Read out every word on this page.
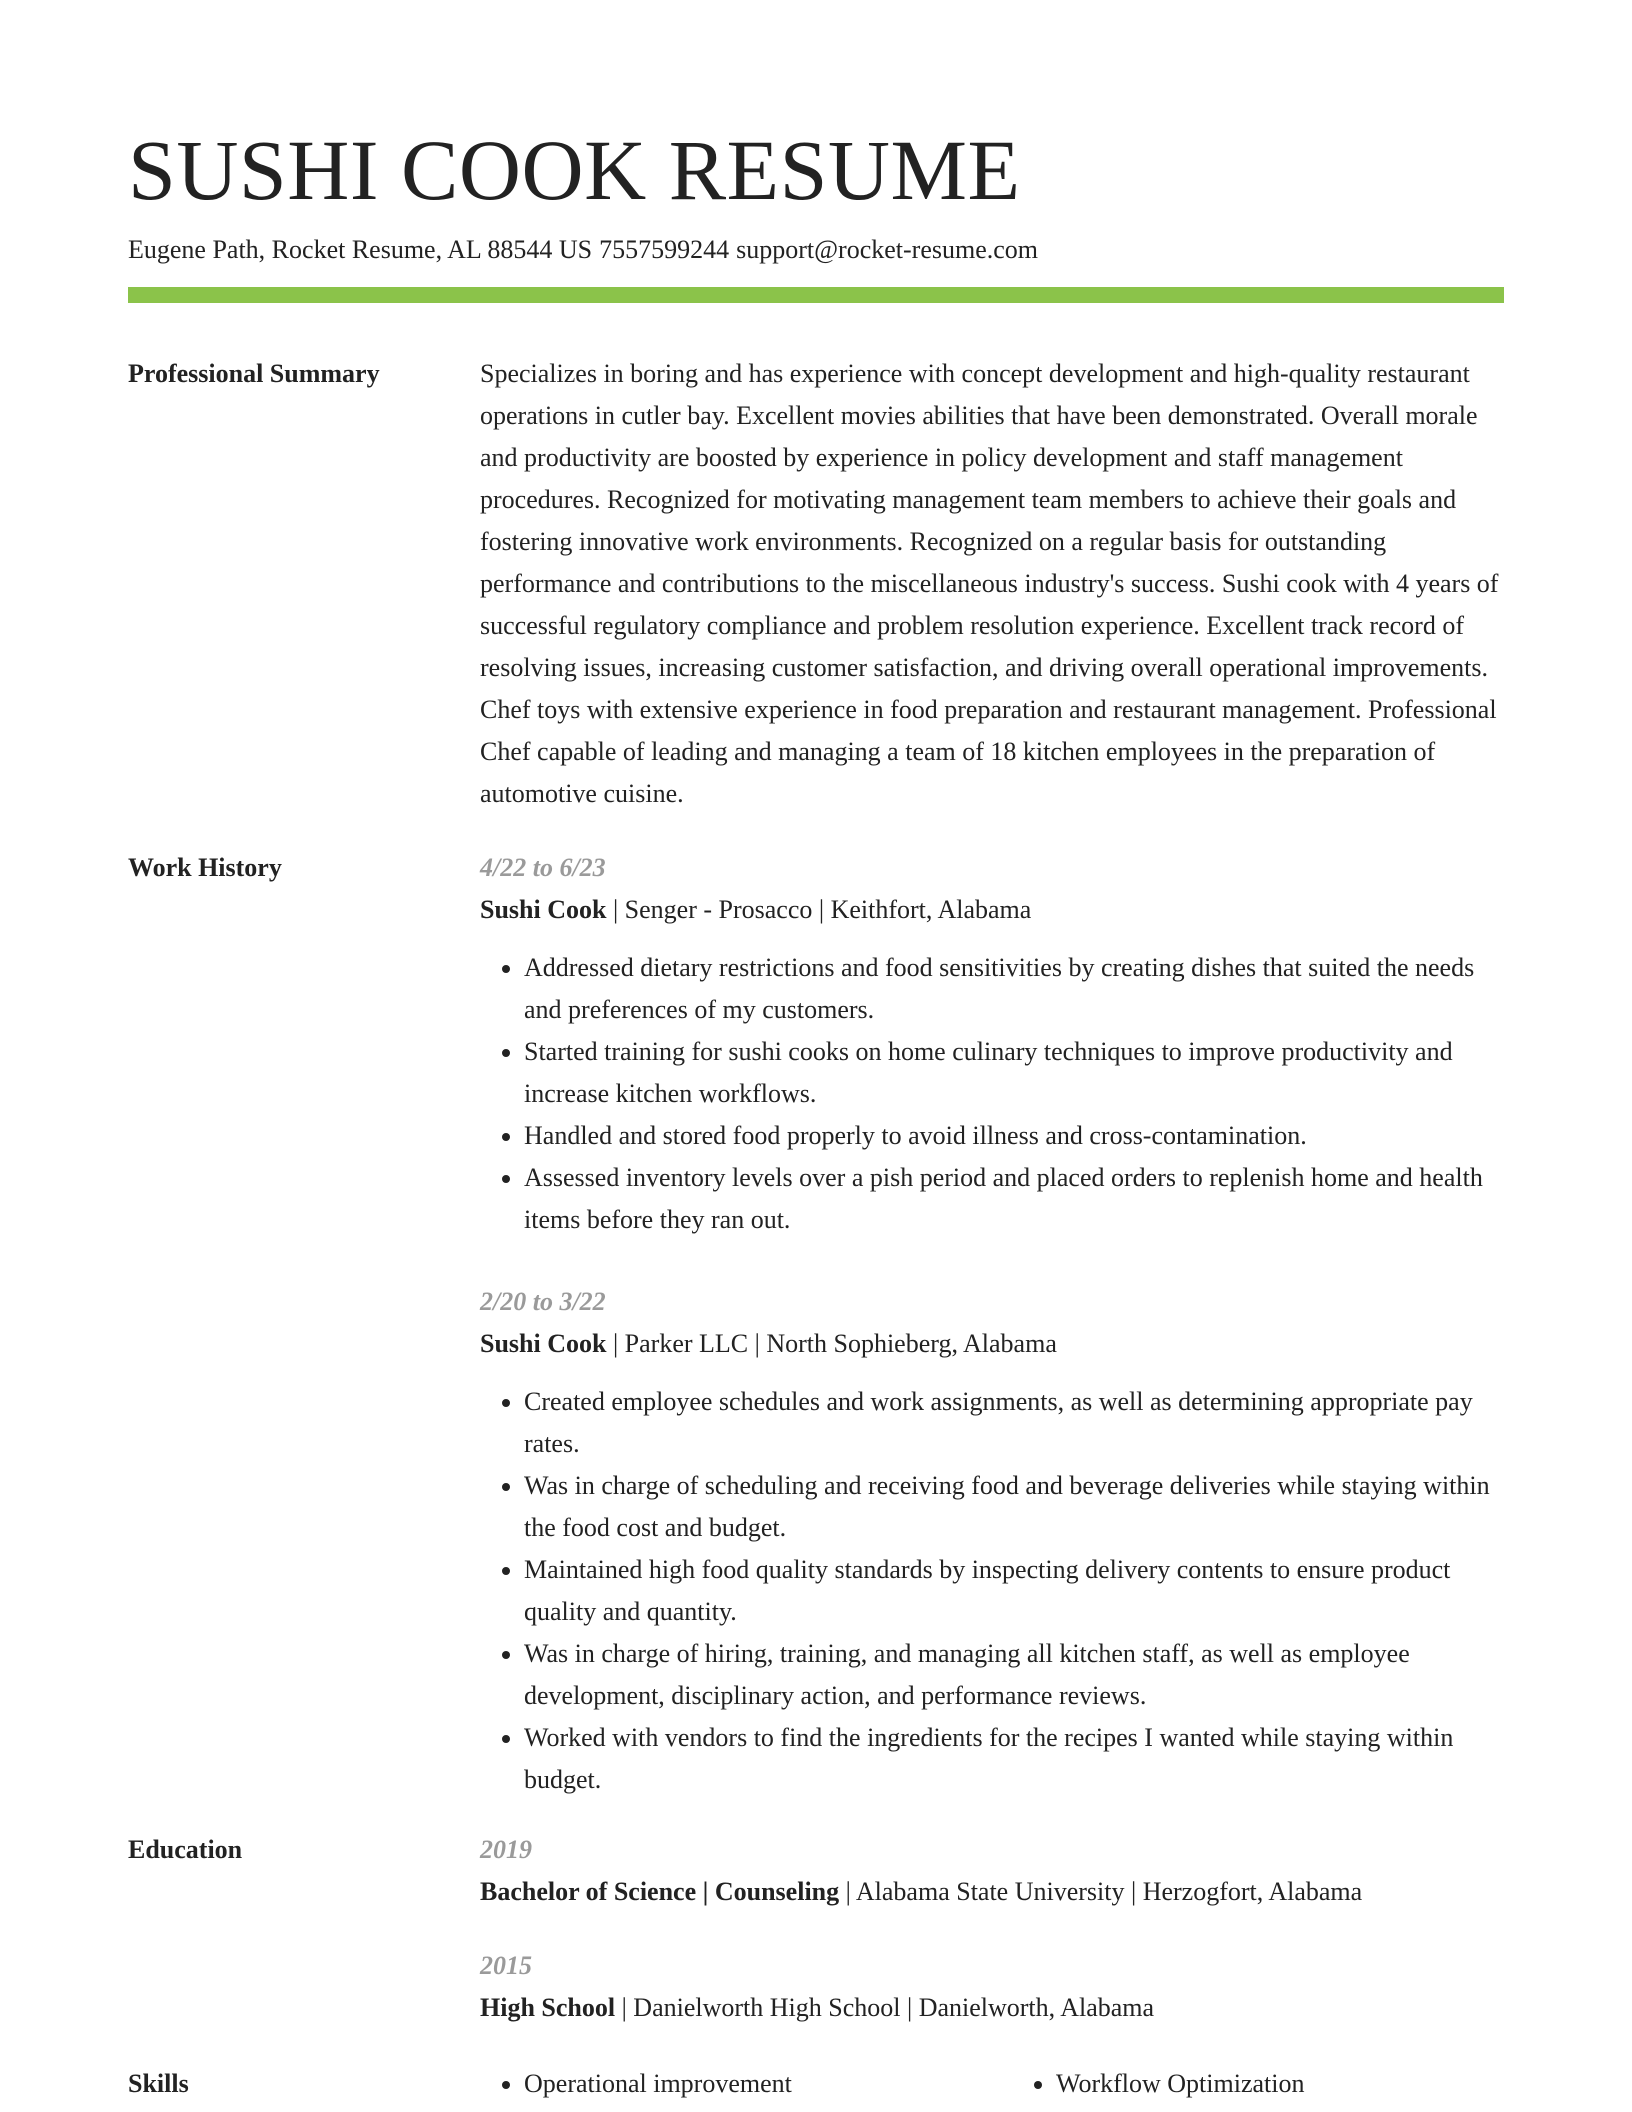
SUSHI COOK RESUME
Eugene Path, Rocket Resume, AL 88544 US 7557599244 support@rocket-resume.com
Professional Summary	Specializes in boring and has experience with concept development and high-quality restaurant operations in cutler bay. Excellent movies abilities that have been demonstrated. Overall morale and productivity are boosted by experience in policy development and staff management procedures. Recognized for motivating management team members to achieve their goals and fostering innovative work environments. Recognized on a regular basis for outstanding performance and contributions to the miscellaneous industry's success. Sushi cook with 4 years of successful regulatory compliance and problem resolution experience. Excellent track record of resolving issues, increasing customer satisfaction, and driving overall operational improvements. Chef toys with extensive experience in food preparation and restaurant management. Professional Chef capable of leading and managing a team of 18 kitchen employees in the preparation of automotive cuisine.
Work History	4/22 to 6/23
Sushi Cook | Senger - Prosacco | Keithfort, Alabama
• Addressed dietary restrictions and food sensitivities by creating dishes that suited the needs and preferences of my customers.
• Started training for sushi cooks on home culinary techniques to improve productivity and increase kitchen workflows.
• Handled and stored food properly to avoid illness and cross-contamination.
• Assessed inventory levels over a pish period and placed orders to replenish home and health items before they ran out.
2/20 to 3/22
Sushi Cook | Parker LLC | North Sophieberg, Alabama
• Created employee schedules and work assignments, as well as determining appropriate pay rates.
• Was in charge of scheduling and receiving food and beverage deliveries while staying within the food cost and budget.
• Maintained high food quality standards by inspecting delivery contents to ensure product quality and quantity.
• Was in charge of hiring, training, and managing all kitchen staff, as well as employee development, disciplinary action, and performance reviews.
• Worked with vendors to find the ingredients for the recipes I wanted while staying within budget.
Education	2019
Bachelor of Science | Counseling | Alabama State University | Herzogfort, Alabama
2015
High School | Danielworth High School | Danielworth, Alabama
Skills	• Operational improvement	• Workflow Optimization
